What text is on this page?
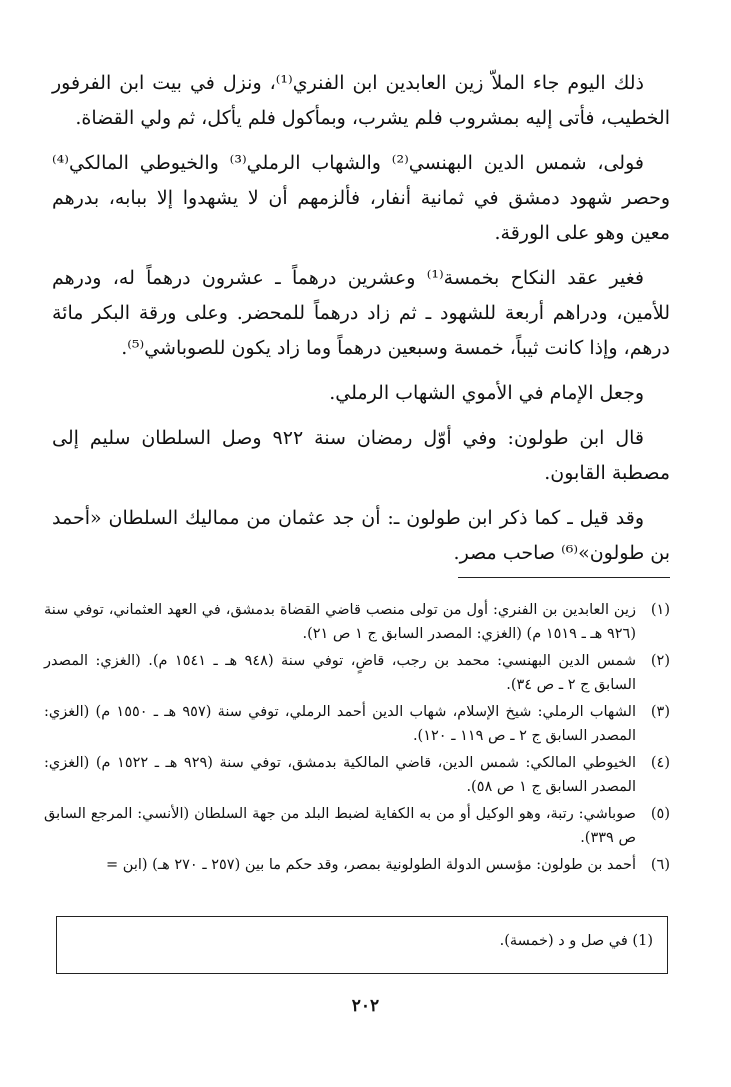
ذلك اليوم جاء الملاّ زين العابدين ابن الفنري⁽¹⁾، ونزل في بيت ابن الفرفور الخطيب، فأتى إليه بمشروب فلم يشرب، وبمأكول فلم يأكل، ثم ولي القضاة.

فولى، شمس الدين البهنسي⁽²⁾ والشهاب الرملي⁽³⁾ والخيوطي المالكي⁽⁴⁾ وحصر شهود دمشق في ثمانية أنفار، فألزمهم أن لا يشهدوا إلا ببابه، بدرهم معين وهو على الورقة.

فغير عقد النكاح بخمسة⁽¹⁾ وعشرين درهماً ـ عشرون درهماً له، ودرهم للأمين، ودراهم أربعة للشهود ـ ثم زاد درهماً للمحضر. وعلى ورقة البكر مائة درهم، وإذا كانت ثيباً، خمسة وسبعين درهماً وما زاد يكون للصوباشي⁽⁵⁾.

وجعل الإمام في الأموي الشهاب الرملي.

قال ابن طولون: وفي أوّل رمضان سنة ٩٢٢ وصل السلطان سليم إلى مصطبة القابون.

وقد قيل ـ كما ذكر ابن طولون ـ: أن جد عثمان من مماليك السلطان «أحمد بن طولون»⁽⁶⁾ صاحب مصر.

(١)
زين العابدين بن الفنري: أول من تولى منصب قاضي القضاة بدمشق، في العهد العثماني، توفي سنة (٩٢٦ هـ ـ ١٥١٩ م) (الغزي: المصدر السابق ج ١ ص ٢١).
(٢)
شمس الدين البهنسي: محمد بن رجب، قاضٍ، توفي سنة (٩٤٨ هـ ـ ١٥٤١ م). (الغزي: المصدر السابق ج ٢ ـ ص ٣٤).
(٣)
الشهاب الرملي: شيخ الإسلام، شهاب الدين أحمد الرملي، توفي سنة (٩٥٧ هـ ـ ١٥٥٠ م) (الغزي: المصدر السابق ج ٢ ـ ص ١١٩ ـ ١٢٠).
(٤)
الخيوطي المالكي: شمس الدين، قاضي المالكية بدمشق، توفي سنة (٩٢٩ هـ ـ ١٥٢٢ م) (الغزي: المصدر السابق ج ١ ص ٥٨).
(٥)
صوباشي: رتبة، وهو الوكيل أو من به الكفاية لضبط البلد من جهة السلطان (الأنسي: المرجع السابق ص ٣٣٩).
(٦)
أحمد بن طولون: مؤسس الدولة الطولونية بمصر، وقد حكم ما بين (٢٥٧ ـ ٢٧٠ هـ) (ابن =
(1) في صل و د (خمسة).
٢٠٢
